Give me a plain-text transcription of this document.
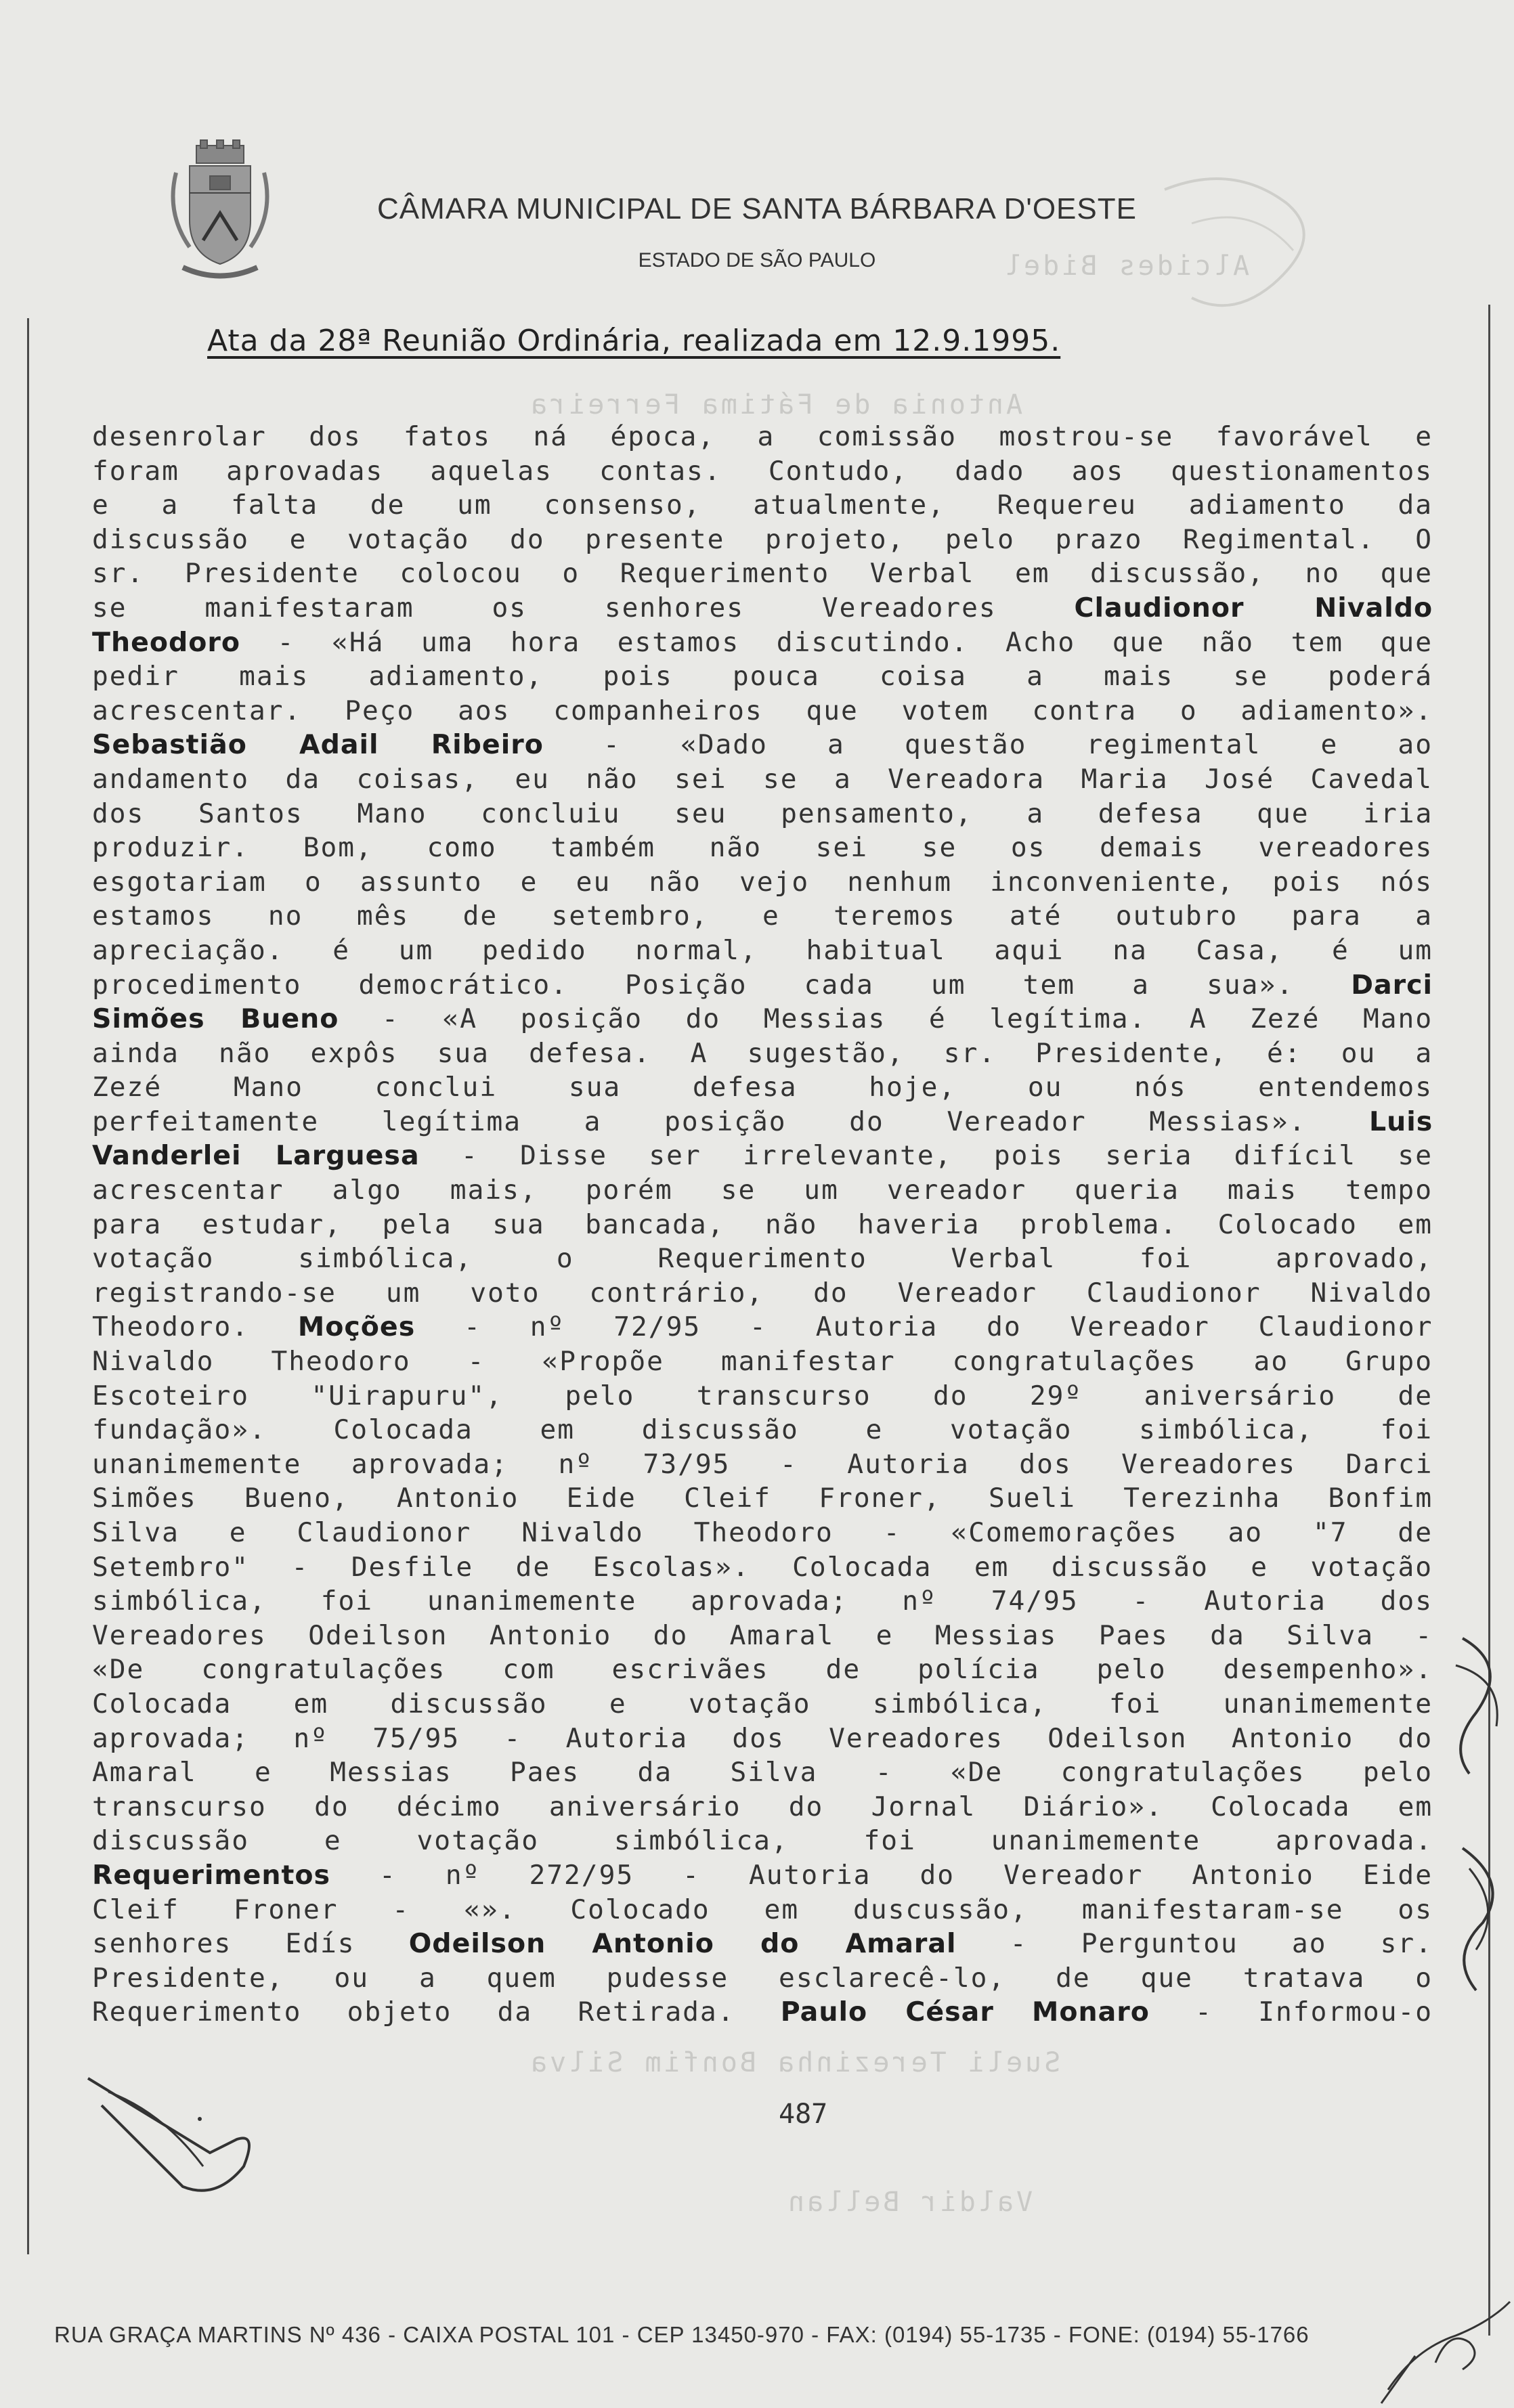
Alcides Bidel
Antonia de Fátima Ferreira
Valdir Bellan
Sueli Terezinha Bonfim Silva
CÂMARA MUNICIPAL DE SANTA BÁRBARA D'OESTE
ESTADO DE SÃO PAULO
Ata da 28ª Reunião Ordinária, realizada em 12.9.1995.
desenrolar dos fatos ná época, a comissão mostrou-se favorável e
foram aprovadas aquelas contas. Contudo, dado aos questionamentos
e a falta de um consenso, atualmente, Requereu adiamento da
discussão e votação do presente projeto, pelo prazo Regimental. O
sr. Presidente colocou o Requerimento Verbal em discussão, no que
se manifestaram os senhores Vereadores Claudionor Nivaldo
Theodoro - «Há uma hora estamos discutindo. Acho que não tem que
pedir mais adiamento, pois pouca coisa a mais se poderá
acrescentar. Peço aos companheiros que votem contra o adiamento».
Sebastião Adail Ribeiro - «Dado a questão regimental e ao
andamento da coisas, eu não sei se a Vereadora Maria José Cavedal
dos Santos Mano concluiu seu pensamento, a defesa que iria
produzir. Bom, como também não sei se os demais vereadores
esgotariam o assunto e eu não vejo nenhum inconveniente, pois nós
estamos no mês de setembro, e teremos até outubro para a
apreciação. é um pedido normal, habitual aqui na Casa, é um
procedimento democrático. Posição cada um tem a sua». Darci
Simões Bueno - «A posição do Messias é legítima. A Zezé Mano
ainda não expôs sua defesa. A sugestão, sr. Presidente, é: ou a
Zezé Mano conclui sua defesa hoje, ou nós entendemos
perfeitamente legítima a posição do Vereador Messias». Luis
Vanderlei Larguesa - Disse ser irrelevante, pois seria difícil se
acrescentar algo mais, porém se um vereador queria mais tempo
para estudar, pela sua bancada, não haveria problema. Colocado em
votação simbólica, o Requerimento Verbal foi aprovado,
registrando-se um voto contrário, do Vereador Claudionor Nivaldo
Theodoro. Moções - nº 72/95 - Autoria do Vereador Claudionor
Nivaldo Theodoro - «Propõe manifestar congratulações ao Grupo
Escoteiro "Uirapuru", pelo transcurso do 29º aniversário de
fundação». Colocada em discussão e votação simbólica, foi
unanimemente aprovada; nº 73/95 - Autoria dos Vereadores Darci
Simões Bueno, Antonio Eide Cleif Froner, Sueli Terezinha Bonfim
Silva e Claudionor Nivaldo Theodoro - «Comemorações ao "7 de
Setembro" - Desfile de Escolas». Colocada em discussão e votação
simbólica, foi unanimemente aprovada; nº 74/95 - Autoria dos
Vereadores Odeilson Antonio do Amaral e Messias Paes da Silva -
«De congratulações com escrivães de polícia pelo desempenho».
Colocada em discussão e votação simbólica, foi unanimemente
aprovada; nº 75/95 - Autoria dos Vereadores Odeilson Antonio do
Amaral e Messias Paes da Silva - «De congratulações pelo
transcurso do décimo aniversário do Jornal Diário». Colocada em
discussão e votação simbólica, foi unanimemente aprovada.
Requerimentos - nº 272/95 - Autoria do Vereador Antonio Eide
Cleif Froner - «». Colocado em duscussão, manifestaram-se os
senhores Edís Odeilson Antonio do Amaral - Perguntou ao sr.
Presidente, ou a quem pudesse esclarecê-lo, de que tratava o
Requerimento objeto da Retirada. Paulo César Monaro - Informou-o
487
RUA GRAÇA MARTINS Nº 436 - CAIXA POSTAL 101 - CEP 13450-970 - FAX: (0194) 55-1735 - FONE: (0194) 55-1766
